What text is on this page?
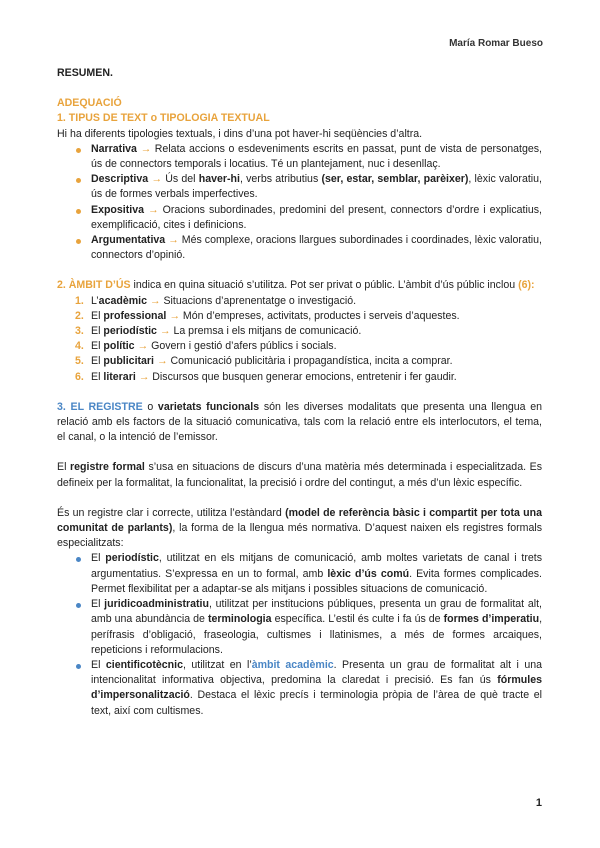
María Romar Bueso
RESUMEN.
ADEQUACIÓ
1. TIPUS DE TEXT o TIPOLOGIA TEXTUAL

Hi ha diferents tipologies textuals, i dins d’una pot haver-hi seqüències d’altra.

Narrativa → Relata accions o esdeveniments escrits en passat, punt de vista de personatges, ús de connectors temporals i locatius. Té un plantejament, nuc i desenllaç.
Descriptiva → Ús del haver-hi, verbs atributius (ser, estar, semblar, parèixer), lèxic valoratiu, ús de formes verbals imperfectives.
Expositiva → Oracions subordinades, predomini del present, connectors d’ordre i explicatius, exemplificació, cites i definicions.
Argumentativa → Més complexe, oracions llargues subordinades i coordinades, lèxic valoratiu, connectors d’opinió.

2. ÀMBIT D’ÚS indica en quina situació s’utilitza. Pot ser privat o públic. L’àmbit d’ús públic inclou (6):

1. L’acadèmic → Situacions d’aprenentatge o investigació.
2. El professional → Món d’empreses, activitats, productes i serveis d’aquestes.
3. El periodístic → La premsa i els mitjans de comunicació.
4. El polític → Govern i gestió d’afers públics i socials.
5. El publicitari → Comunicació publicitària i propagandística, incita a comprar.
6. El literari → Discursos que busquen generar emocions, entretenir i fer gaudir.

3. EL REGISTRE o varietats funcionals són les diverses modalitats que presenta una llengua en relació amb els factors de la situació comunicativa, tals com la relació entre els interlocutors, el tema, el canal, o la intenció de l’emissor.

El registre formal s’usa en situacions de discurs d’una matèria més determinada i especialitzada. Es defineix per la formalitat, la funcionalitat, la precisió i ordre del contingut, a més d’un lèxic específic.

És un registre clar i correcte, utilitza l’estàndard (model de referència bàsic i compartit per tota una comunitat de parlants), la forma de la llengua més normativa. D’aquest naixen els registres formals especialitzats:

El periodístic, utilitzat en els mitjans de comunicació, amb moltes varietats de canal i trets argumentatius. S’expressa en un to formal, amb lèxic d’ús comú. Evita formes complicades. Permet flexibilitat per a adaptar-se als mitjans i possibles situacions de comunicació.
El juridicoadministratiu, utilitzat per institucions públiques, presenta un grau de formalitat alt, amb una abundància de terminologia específica. L’estil és culte i fa ús de formes d’imperatiu, perífrasis d’obligació, fraseologia, cultismes i llatinismes, a més de formes arcaiques, repeticions i reformulacions.
El cientificotècnic, utilitzat en l’àmbit acadèmic. Presenta un grau de formalitat alt i una intencionalitat informativa objectiva, predomina la claredat i precisió. Es fan ús fórmules d’impersonalització. Destaca el lèxic precís i terminologia pròpia de l’àrea de què tracte el text, així com cultismes.
1
